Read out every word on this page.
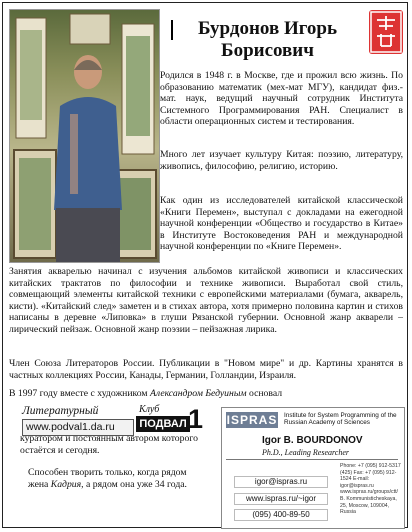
Бурдонов Игорь
Борисович
Родился в 1948 г. в Москве, где и прожил всю жизнь. По образованию математик (мех-мат МГУ), кандидат физ.-мат. наук, ведущий научный сотрудник Института Системного Программирования РАН. Специалист в области операционных систем и тестирования.
Много лет изучает культуру Китая: поэзию, литературу, живопись, философию, религию, историю.
Как один из исследователей китайской классической «Книги Перемен», выступал с докладами на ежегодной научной конференции «Общество и государство в Китае» в Институте Востоковедения РАН и международной научной конференции по «Книге Перемен».
Занятия акварелью начинал с изучения альбомов китайской живописи и классических китайских трактатов по философии и технике живописи. Выработал свой стиль, совмещающий элементы китайской техники с европейскими материалами (бумага, акварель, кисти). «Китайский след» заметен и в стихах автора, хотя примерно половина картин и стихов написаны в деревне «Липовка» в глуши Рязанской губернии. Основной жанр акварели – лирический пейзаж. Основной жанр поэзии – пейзажная лирика.
Член Союза Литераторов России. Публикации в "Новом мире" и др. Картины хранятся в частных коллекциях России, Канады, Германии, Голландии, Израиля.
В 1997 году вместе с художником Александром Бедуиным основал
Литературный
www.podval1.da.ru
Клуб
ПОДВАЛ 1
куратором и постоянным автором которого остаётся и сегодня.
Способен творить только, когда рядом жена Кадрия, а рядом она уже 34 года.
ISPRAS Institute for System Programming of the Russian Academy of Sciences
Igor B. BOURDONOV
Ph.D., Leading Researcher
Phone: +7 (095) 912-5317 (425) Fax: +7 (095) 912-1524 E-mail: igor@ispras.ru www.ispras.ru/groups/ctt/ B. Kommunisticheskaya, 25, Moscow, 109004, Russia
igor@ispras.ru
www.ispras.ru/~igor
(095) 400-89-50
